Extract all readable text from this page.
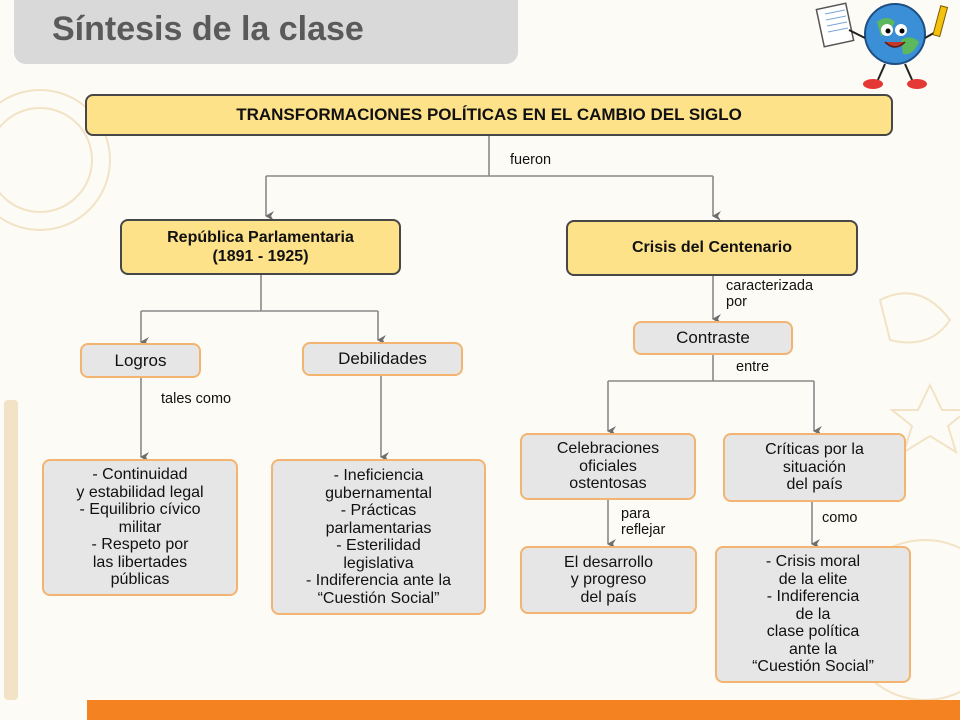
Síntesis de la clase
TRANSFORMACIONES POLÍTICAS EN EL CAMBIO DEL SIGLO
fueron
República Parlamentaria
(1891 - 1925)
Crisis del Centenario
caracterizada
por
Logros
tales como
Debilidades
- Continuidad
y estabilidad legal
- Equilibrio cívico
militar
- Respeto por
las libertades
públicas
- Ineficiencia
gubernamental
- Prácticas
parlamentarias
- Esterilidad
legislativa
- Indiferencia ante la
“Cuestión Social”
Contraste
entre
Celebraciones
oficiales
ostentosas
para
reflejar
Críticas por la
situación
del país
como
El desarrollo
y progreso
del país
- Crisis moral
de la elite
- Indiferencia
de la
clase política
ante la
“Cuestión Social”
